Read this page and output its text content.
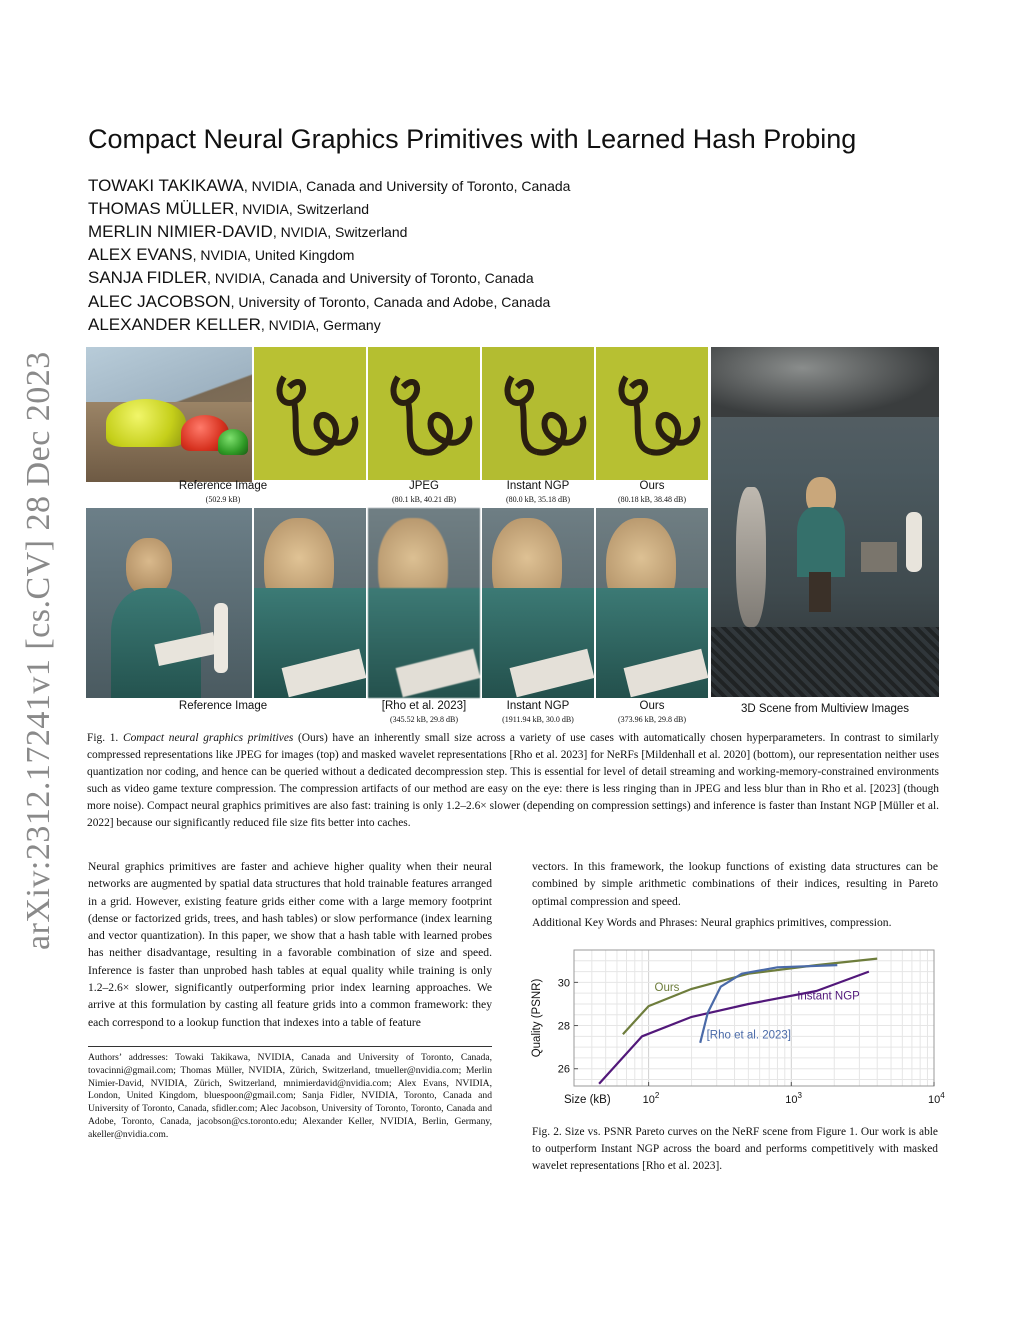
arXiv:2312.17241v1 [cs.CV] 28 Dec 2023
Compact Neural Graphics Primitives with Learned Hash Probing
TOWAKI TAKIKAWA, NVIDIA, Canada and University of Toronto, Canada
THOMAS MÜLLER, NVIDIA, Switzerland
MERLIN NIMIER-DAVID, NVIDIA, Switzerland
ALEX EVANS, NVIDIA, United Kingdom
SANJA FIDLER, NVIDIA, Canada and University of Toronto, Canada
ALEC JACOBSON, University of Toronto, Canada and Adobe, Canada
ALEXANDER KELLER, NVIDIA, Germany
Reference Image
(502.9 kB)
JPEG
(80.1 kB, 40.21 dB)
Instant NGP
(80.0 kB, 35.18 dB)
Ours
(80.18 kB, 38.48 dB)
Reference Image	[Rho et al. 2023]
(345.52 kB, 29.8 dB)
Instant NGP
(1911.94 kB, 30.0 dB)
Ours
(373.96 kB, 29.8 dB)
3D Scene from Multiview Images
Fig. 1. Compact neural graphics primitives (Ours) have an inherently small size across a variety of use cases with automatically chosen hyperparameters. In contrast to similarly compressed representations like JPEG for images (top) and masked wavelet representations [Rho et al. 2023] for NeRFs [Mildenhall et al. 2020] (bottom), our representation neither uses quantization nor coding, and hence can be queried without a dedicated decompression step. This is essential for level of detail streaming and working-memory-constrained environments such as video game texture compression. The compression artifacts of our method are easy on the eye: there is less ringing than in JPEG and less blur than in Rho et al. [2023] (though more noise). Compact neural graphics primitives are also fast: training is only 1.2–2.6× slower (depending on compression settings) and inference is faster than Instant NGP [Müller et al. 2022] because our significantly reduced file size fits better into caches.
Neural graphics primitives are faster and achieve higher quality when their neural networks are augmented by spatial data structures that hold trainable features arranged in a grid. However, existing feature grids either come with a large memory footprint (dense or factorized grids, trees, and hash tables) or slow performance (index learning and vector quantization). In this paper, we show that a hash table with learned probes has neither disadvantage, resulting in a favorable combination of size and speed. Inference is faster than unprobed hash tables at equal quality while training is only 1.2–2.6× slower, significantly outperforming prior index learning approaches. We arrive at this formulation by casting all feature grids into a common framework: they each correspond to a lookup function that indexes into a table of feature
Authors’ addresses: Towaki Takikawa, NVIDIA, Canada and University of Toronto, Canada, tovacinni@gmail.com; Thomas Müller, NVIDIA, Zürich, Switzerland, tmueller@nvidia.com; Merlin Nimier-David, NVIDIA, Zürich, Switzerland, mnimierdavid@nvidia.com; Alex Evans, NVIDIA, London, United Kingdom, bluespoon@gmail.com; Sanja Fidler, NVIDIA, Toronto, Canada and University of Toronto, Canada, sfidler.com; Alec Jacobson, University of Toronto, Toronto, Canada and Adobe, Toronto, Canada, jacobson@cs.toronto.edu; Alexander Keller, NVIDIA, Berlin, Germany, akeller@nvidia.com.
vectors. In this framework, the lookup functions of existing data structures can be combined by simple arithmetic combinations of their indices, resulting in Pareto optimal compression and speed.
Additional Key Words and Phrases: Neural graphics primitives, compression.
26
28
30
$10^2$	$10^3$	$10^4$
Quality (PSNR)
Size (kB)
Ours
Instant NGP
[Rho et al. 2023]
Fig. 2. Size vs. PSNR Pareto curves on the NeRF scene from Figure 1. Our work is able to outperform Instant NGP across the board and performs competitively with masked wavelet representations [Rho et al. 2023].
